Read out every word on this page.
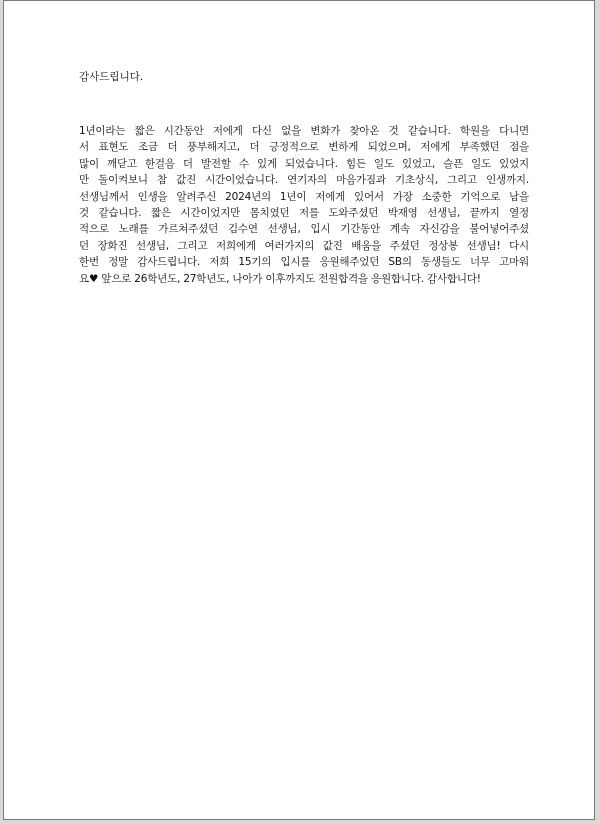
감사드립니다.

1년이라는 짧은 시간동안 저에게 다신 없을 변화가 찾아온 것 같습니다. 학원을 다니면
서 표현도 조금 더 풍부해지고, 더 긍정적으로 변하게 되었으며, 저에게 부족했던 점을
많이 깨닫고 한걸음 더 발전할 수 있게 되었습니다. 힘든 일도 있었고, 슬픈 일도 있었지
만 돌이켜보니 참 값진 시간이었습니다. 연기자의 마음가짐과 기초상식, 그리고 인생까지.
선생님께서 인생을 알려주신 2024년의 1년이 저에게 있어서 가장 소중한 기억으로 남을
것 같습니다. 짧은 시간이었지만 몸치였던 저를 도와주셨던 박재영 선생님, 끝까지 열정
적으로 노래를 가르쳐주셨던 김수연 선생님, 입시 기간동안 계속 자신감을 불어넣어주셨
던 장화진 선생님, 그리고 저희에게 여러가지의 값진 배움을 주셨던 정상봉 선생님! 다시
한번 정말 감사드립니다. 저희 15기의 입시를 응원해주었던 SB의 동생들도 너무 고마워
요♥ 앞으로 26학년도, 27학년도, 나아가 이후까지도 전원합격을 응원합니다. 감사합니다!
